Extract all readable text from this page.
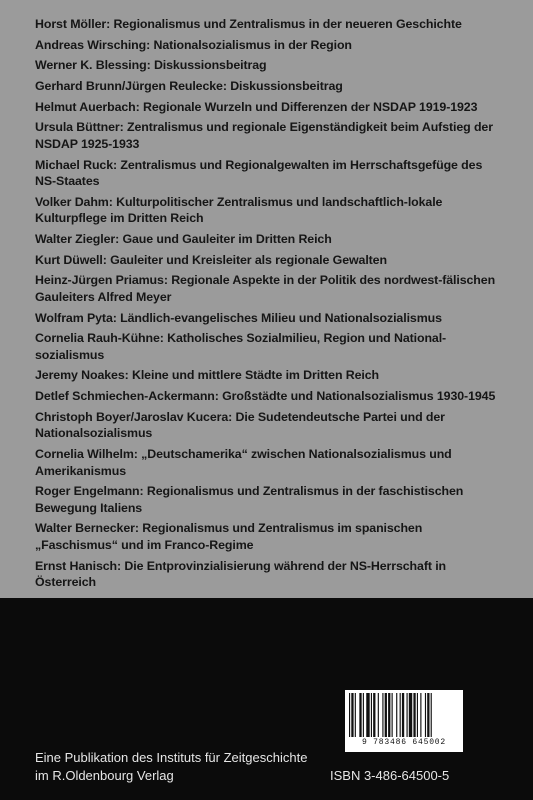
Horst Möller: Regionalismus und Zentralismus in der neueren Geschichte
Andreas Wirsching: Nationalsozialismus in der Region
Werner K. Blessing: Diskussionsbeitrag
Gerhard Brunn/Jürgen Reulecke: Diskussionsbeitrag
Helmut Auerbach: Regionale Wurzeln und Differenzen der NSDAP 1919-1923
Ursula Büttner: Zentralismus und regionale Eigenständigkeit beim Aufstieg der NSDAP 1925-1933
Michael Ruck: Zentralismus und Regionalgewalten im Herrschaftsgefüge des NS-Staates
Volker Dahm: Kulturpolitischer Zentralismus und landschaftlich-lokale Kulturpflege im Dritten Reich
Walter Ziegler: Gaue und Gauleiter im Dritten Reich
Kurt Düwell: Gauleiter und Kreisleiter als regionale Gewalten
Heinz-Jürgen Priamus: Regionale Aspekte in der Politik des nordwest-fälischen Gauleiters Alfred Meyer
Wolfram Pyta: Ländlich-evangelisches Milieu und Nationalsozialismus
Cornelia Rauh-Kühne: Katholisches Sozialmilieu, Region und National-sozialismus
Jeremy Noakes: Kleine und mittlere Städte im Dritten Reich
Detlef Schmiechen-Ackermann: Großstädte und Nationalsozialismus 1930-1945
Christoph Boyer/Jaroslav Kucera: Die Sudetendeutsche Partei und der Nationalsozialismus
Cornelia Wilhelm: „Deutschamerika“ zwischen Nationalsozialismus und Amerikanismus
Roger Engelmann: Regionalismus und Zentralismus in der faschistischen Bewegung Italiens
Walter Bernecker: Regionalismus und Zentralismus im spanischen „Faschismus“ und im Franco-Regime
Ernst Hanisch: Die Entprovinzialisierung während der NS-Herrschaft in Österreich
9 783486 645002
Eine Publikation des Instituts für Zeitgeschichte
im R.Oldenbourg Verlag	ISBN 3-486-64500-5
